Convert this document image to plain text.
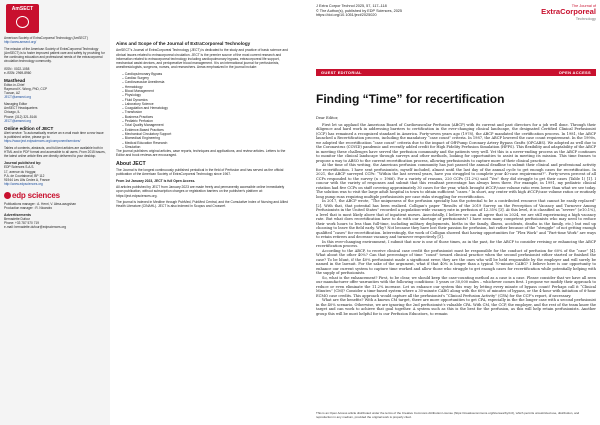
AmSECT
American Society of ExtraCorporeal Technology (AmSECT)
http://www.amsect.org/
The mission of the American Society of ExtraCorporeal Technology (AmSECT) is to foster improved patient care and safety by providing for the continuing education and professional needs of the extracorporeal circulation technology community.
ISSN : 0022-1058
e-ISSN: 2969-8960
Masthead
Editor-in-Chief
Raymond K. Wong, PhD, CCP
Tucson, AZ
JECT@amsect.org
Managing Editor
AmSECT Headquarters
Chicago, IL
Phone: (312) 321-5146
JECT@amsect.org
Online edition of JECT
Alert service: To automatically receive an e-mail each time a new issue is published online, please go to:
https://www.ject.edpsciences.org/component/services/
Tables of contents, abstracts, and full-text articles are available both in HTML and in PDF format and accessible to all users. From 2015 issues, the latest online article files are directly delivered to your desktop.
Journal published by:
EDP Sciences S.A.S.
17, avenue du Hoggar,
P.A. de Courtaboeuf, BP 112
91944 Les Ulis Cedex A, France
http://www.edpsciences.org
edp sciences
Publications manager : A. Henri, V. Alma-azugshan
Production manager : R. Nicandro
Advertisements
Bernadette Dufour
Phone: +33 787 570 719
e-mail: bernadette.dufour@edpsciences.org
Aims and Scope of the Journal of ExtraCorporeal Technology

AmSECT's Journal of ExtraCorporeal Technology (JECT) is dedicated to the study and practice of basic science and clinical issues related to extracorporeal circulation. JECT is the premier source of the most current research and information related to extracorporeal technology including cardiopulmonary bypass, extracorporeal life support, mechanical assist devices, and perioperative blood management. It is an international journal for perfusionists, anesthesiologists, surgeons, nurses, and researchers. Areas emphasized in the journal include:

– Cardiopulmonary Bypass
– Cardiac Surgery
– Cardiovascular Anesthesia
– Hematology
– Blood Management
– Physiology
– Fluid Dynamics
– Laboratory Science
– Coagulation and Hematology
– Transfusion
– Business Practices
– Pediatric Perfusion
– Total Quality Management
– Evidence-Based Practices
– Mechanical Circulatory Support
– Biomedical Engineering
– Medical Education Research
– Simulation

The journal publishes original articles, case reports, techniques and applications, and review articles. Letters to the Editor and book reviews are encouraged.

About JECT

The Journal is the longest continuously published periodical in the field of Perfusion and has served as the official publication of the American Society of ExtraCorporeal Technology since 1967.

From 1st January 2023, JECT is full Open Access.

All articles published by JECT from January 2023 are made freely and permanently accessible online immediately upon publication, without subscription charges or registration barriers on the publisher's platform at: https://ject.edpsciences.org.

The journal is indexed in Medline through PubMed, PubMed Central, and the Cumulative Index of Nursing and Allied Health Literature (CINAHL). JECT is also indexed in Scopus and Crossref.

J Extra Corpor Technol 2025, 57, 117–118
© The Author(s), published by EDP Sciences, 2025
https://doi.org/10.1051/ject/2025020
The Journal of
ExtraCorporeal
Technology
GUEST EDITORIAL	OPEN ACCESS
Finding “Time” for recertification

Dear Editor,

First let us applaud the American Board of Cardiovascular Perfusion (ABCP) with its current and past directors for a job well done. Through their diligence and hard work in addressing barriers to certification in the ever-changing clinical landscape, the designated Certified Clinical Perfusionist (CCP) has remained a recognized standard in America. Forty-seven years ago (1978), the ABCP mandated the certification process. In 1981, the ABCP launched a Recertification process, including the mandatory “case count” criteria. In 1987, the ABCP lowered the case count requirement. In the 1990s, we adopted the recertification “case count” criteria due to the impact of Off-Pump Coronary Artery Bypass Grafts (OPCABS). We adopted as well due to the Coronavirus (COVID) pandemic and recently added credit for High Fidelity Perfusion Simulation (HFPS). This flexibility and adaptability of the ABCP in meeting these challenges have served the perfusion community and the patients very well. Yet this is a never-ending process as the ABCP continues to monitor the clinical landscape through surveys and other methods, looking for opportunities to assist in meeting its mission. This time frames to propose a way to ABSO to the current recertification process, allowing perfusionists to capture more of their clinical practice.

At the time of this writing, the American perfusion community has just passed the annual deadline to submit their clinical and professional activity for recertification. I have sent perfusionists, myself included, almost until the last day of the annual cycle to get enough cases for recertification. In 2021, the ABCP surveyed CCPs: “Within the last several years, have you struggled to complete your 40-case requirement?”. Forty-seven percent of all CCPs responded to the survey (n = 1966). For a variety of reasons, 220 CCPs (11.2%) said “Yes” they did struggle to get their cases (Table 1) [1]. I concur with the variety of responses and submit that this resultant percentage has always been there. For example, in 1991, my pediatric clinical rotation had five CCPs on staff covering approximately 30 cases for the year, which brought #CCP/case volume ratio even lower than what we see today. The solution was to visit the large adult hospital in town to obtain sufficient “cases.” In short, any center with high #CCP/case volume ratios or routinely long pump runs requiring multiple perfusionists per case risks struggling for recertification.

In 2017, the ABCP wrote, “The uniqueness of the perfusion specialty has the potential to be a contributed resource that cannot be easily replaced” [2]. With that, that potential has been realized. Colligan’s paper “Results of the 2019 Survey on the Perception of Vacancy and Turnover Among Perfusionists in the United States” recorded a population-wide vacancy rate in perfusion of 12.35% [3]. At this level, it is classified as “severe” (≥10.1%), a level that is most likely above that of inpatient nurses. Anecdotally, I believe we can all agree that in 2024, we are still experiencing a high vacancy rate. But what does recertification have to do with our shortage of perfusionists? I have seen many competent perfusionists who may need to reduce their work hours to less than full-time, including military deployments, births in the family, illness, accidents, deaths in the family, etc.) but end up choosing to leave the field early. Why? Not because they have lost their passion for perfusion, but rather because of the “struggle” of not getting enough qualified “cases” for recertification. Interestingly, the work of Colligan showed that having opportunities for “Flex Work” and “Part-time Work” are ways to retain retirees and decrease vacancy and turnover respectively [3].

In this ever-changing environment, I submit that now is one of those times, as in the past, for the ABCP to consider revising or enhancing the ABCP recertification process.

According to the ABCP, to receive clinical case credit the perfusionist must be responsible for the conduct of perfusion for 60% of the “case” [4]. What about the other 40%? Can that percentage of time “count” toward clinical practice when the second perfusionist either started or finished the case? To be blunt, if the 40% perfusionist made a significant error, they are the ones who will be held responsible by the employer and will surely be named in the lawsuit. For the sake of the argument, what if that 40% is longer than a typical 70-minute CABG? I believe here is our opportunity to enhance our current system to capture time worked and allow those who struggle to get enough cases for recertification while potentially helping with the supply of perfusionists.

So, what is the enhancement? First, to be clear, we should keep the case-counting method as a case is a case. Please consider that we have all seen our manufacturer offer warranties with the following conditions: 5 years or 30,000 miles – whichever comes first. I propose we modify their approach to reduce or even eliminate the 11.2% increase. Let us enhance our system this way: by letting every minute of bypass count! Perhaps call it “Clinical Minutes” (CM)? Consider a time-based system where a 30-minute CABG along with the 60% of minutes of bypass, or the 4-hour with initiation of 6-hour ECMO case credits. This approach would capture all the perfusionist’s “Clinical Perfusion Activity” (CPA) for the CCP’s report, if necessary.

What are the benefits? With a known CM target, there are more opportunities to get CPA, especially in the the longer case with a second perfusionist in the 40% scenario. Otherwise, we are ignoring the 2nd perfusionist’s valuable CPA. With CM, the CCP, the employer, and the rest of the team know the target and can work to achieve that goal together. A system such as this is the best for the perfusion, as this will help retain perfusionists. Another group this will be most helpful for is our Perfusion Educators, to remain

This is an Open Access article distributed under the terms of the Creative Commons Attribution License (https://creativecommons.org/licenses/by/4.0), which permits unrestricted use, distribution, and reproduction in any medium, provided the original work is properly cited.
